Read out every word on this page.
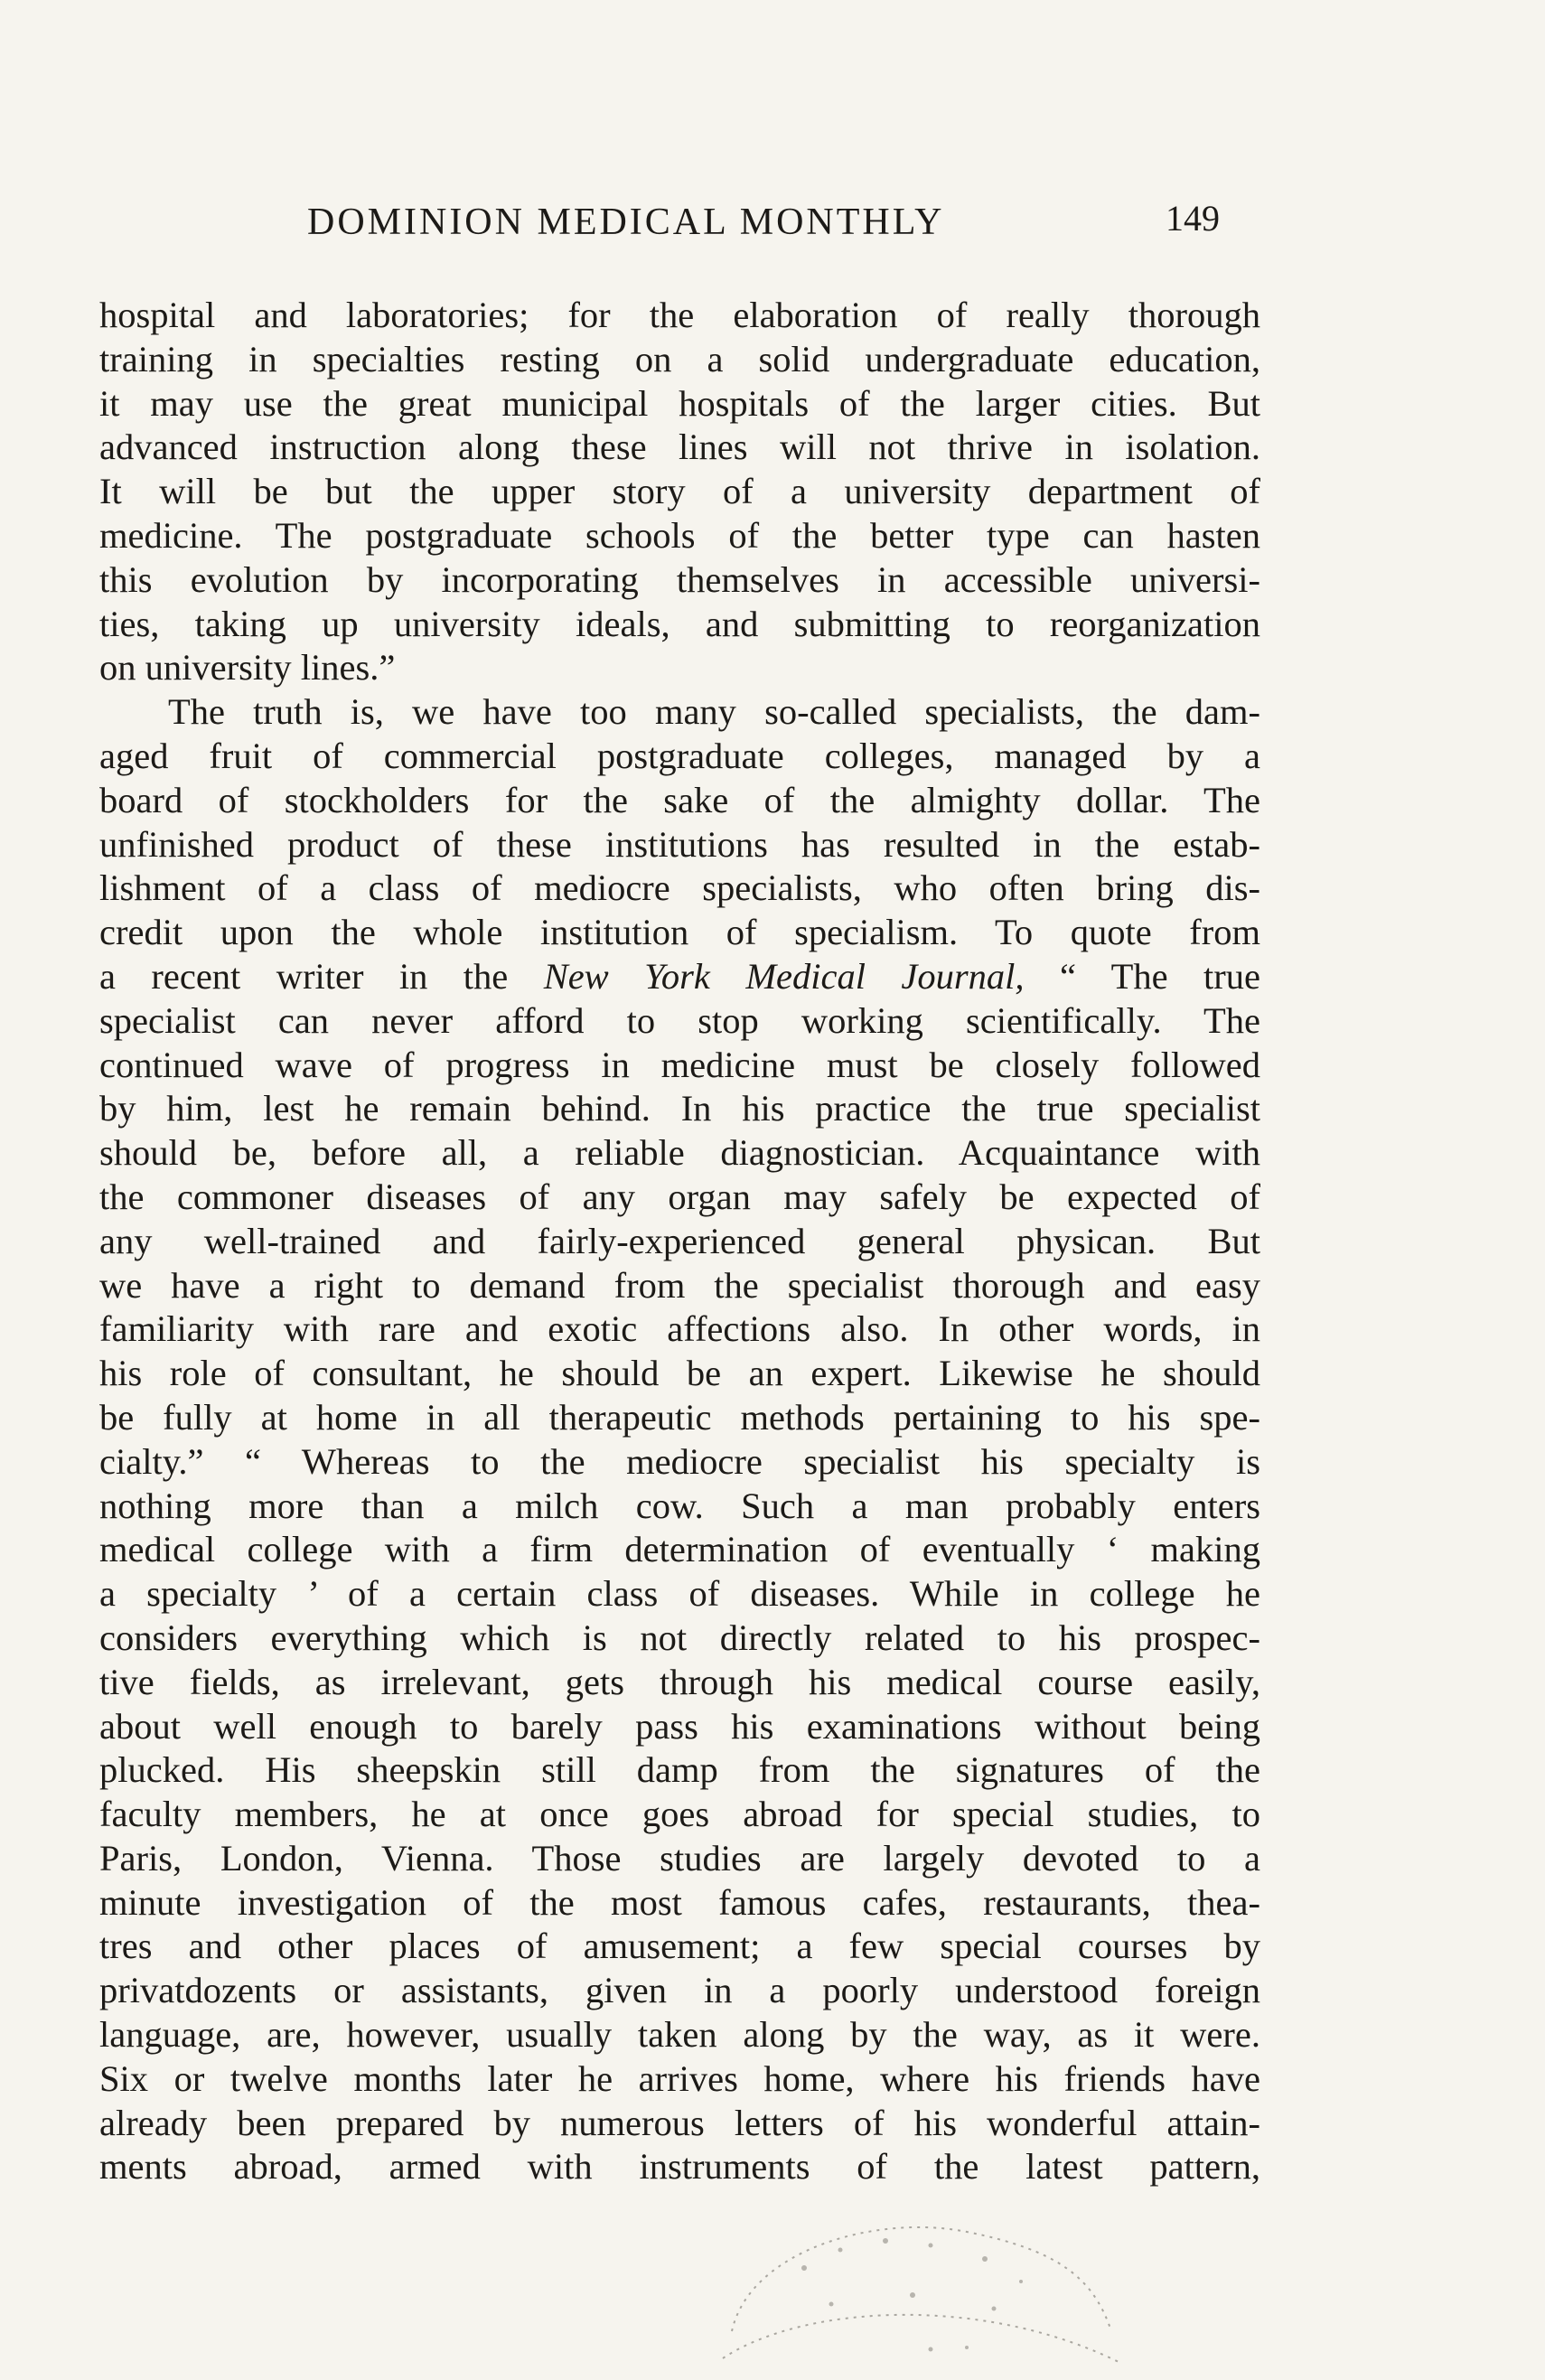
DOMINION MEDICAL MONTHLY	149
hospital and laboratories; for the elaboration of really thorough
training in specialties resting on a solid undergraduate education,
it may use the great municipal hospitals of the larger cities. But
advanced instruction along these lines will not thrive in isolation.
It will be but the upper story of a university department of
medicine. The postgraduate schools of the better type can hasten
this evolution by incorporating themselves in accessible universi-
ties, taking up university ideals, and submitting to reorganization
on university lines.”
The truth is, we have too many so-called specialists, the dam-
aged fruit of commercial postgraduate colleges, managed by a
board of stockholders for the sake of the almighty dollar. The
unfinished product of these institutions has resulted in the estab-
lishment of a class of mediocre specialists, who often bring dis-
credit upon the whole institution of specialism. To quote from
a recent writer in the New York Medical Journal, “ The true
specialist can never afford to stop working scientifically. The
continued wave of progress in medicine must be closely followed
by him, lest he remain behind. In his practice the true specialist
should be, before all, a reliable diagnostician. Acquaintance with
the commoner diseases of any organ may safely be expected of
any well-trained and fairly-experienced general physican. But
we have a right to demand from the specialist thorough and easy
familiarity with rare and exotic affections also. In other words, in
his role of consultant, he should be an expert. Likewise he should
be fully at home in all therapeutic methods pertaining to his spe-
cialty.” “ Whereas to the mediocre specialist his specialty is
nothing more than a milch cow. Such a man probably enters
medical college with a firm determination of eventually ‘ making
a specialty ’ of a certain class of diseases. While in college he
considers everything which is not directly related to his prospec-
tive fields, as irrelevant, gets through his medical course easily,
about well enough to barely pass his examinations without being
plucked. His sheepskin still damp from the signatures of the
faculty members, he at once goes abroad for special studies, to
Paris, London, Vienna. Those studies are largely devoted to a
minute investigation of the most famous cafes, restaurants, thea-
tres and other places of amusement; a few special courses by
privatdozents or assistants, given in a poorly understood foreign
language, are, however, usually taken along by the way, as it were.
Six or twelve months later he arrives home, where his friends have
already been prepared by numerous letters of his wonderful attain-
ments abroad, armed with instruments of the latest pattern,
